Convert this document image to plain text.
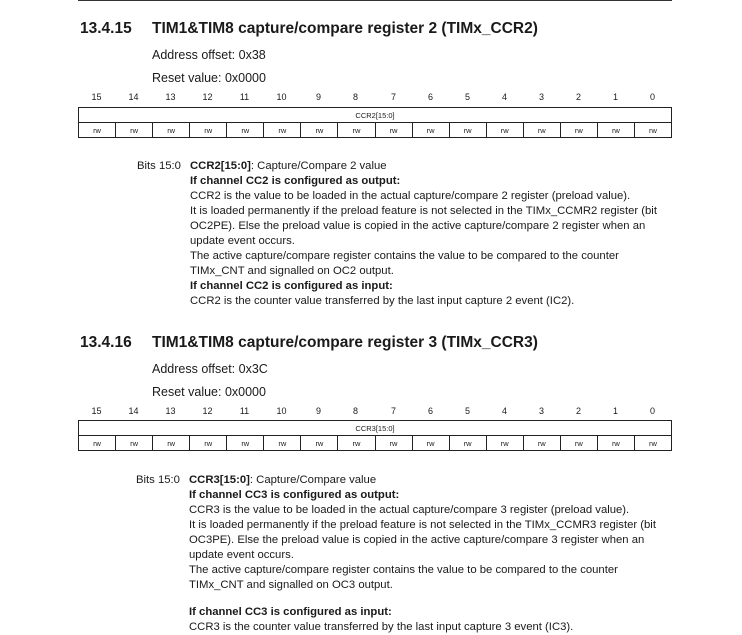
13.4.15 TIM1&TIM8 capture/compare register 2 (TIMx_CCR2)
Address offset: 0x38
Reset value: 0x0000
15	14	13	12	11	10	9	8	7	6	5	4	3	2	1	0
CCR2[15:0]
rw	rw	rw	rw	rw	rw	rw	rw	rw	rw	rw	rw	rw	rw	rw	rw
Bits 15:0 CCR2[15:0]: Capture/Compare 2 value
If channel CC2 is configured as output:
CCR2 is the value to be loaded in the actual capture/compare 2 register (preload value).
It is loaded permanently if the preload feature is not selected in the TIMx_CCMR2 register (bit
OC2PE). Else the preload value is copied in the active capture/compare 2 register when an
update event occurs.
The active capture/compare register contains the value to be compared to the counter
TIMx_CNT and signalled on OC2 output.
If channel CC2 is configured as input:
CCR2 is the counter value transferred by the last input capture 2 event (IC2).
13.4.16 TIM1&TIM8 capture/compare register 3 (TIMx_CCR3)
Address offset: 0x3C
Reset value: 0x0000
15	14	13	12	11	10	9	8	7	6	5	4	3	2	1	0
CCR3[15:0]
rw	rw	rw	rw	rw	rw	rw	rw	rw	rw	rw	rw	rw	rw	rw	rw
Bits 15:0 CCR3[15:0]: Capture/Compare value
If channel CC3 is configured as output:
CCR3 is the value to be loaded in the actual capture/compare 3 register (preload value).
It is loaded permanently if the preload feature is not selected in the TIMx_CCMR3 register (bit
OC3PE). Else the preload value is copied in the active capture/compare 3 register when an
update event occurs.
The active capture/compare register contains the value to be compared to the counter
TIMx_CNT and signalled on OC3 output.
If channel CC3 is configured as input:
CCR3 is the counter value transferred by the last input capture 3 event (IC3).
